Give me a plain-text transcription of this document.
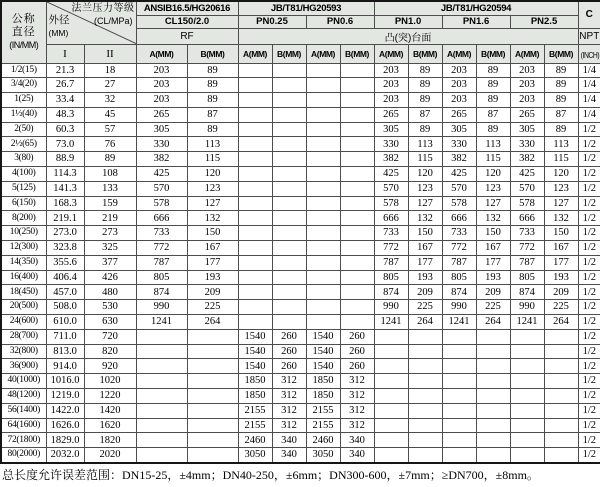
公称
直径
(IN/MM)	法兰压力等级
(CL/MPa)
外径
(MM)		ANSIB16.5/HG20616		JB/T81/HG20593				JB/T81/HG20594						C
			CL150/2.0		PN0.25		PN0.6		PN1.0		PN1.6		PN2.5		
			RF		凸(突)台面										NPT
	I	II	A(MM)	B(MM)	A(MM)	B(MM)	A(MM)	B(MM)	A(MM)	B(MM)	A(MM)	B(MM)	A(MM)	B(MM)	(INCH)
1/2(15)	21.3	18	203	89					203	89	203	89	203	89	1/4
3/4(20)	26.7	27	203	89					203	89	203	89	203	89	1/4
1(25)	33.4	32	203	89					203	89	203	89	203	89	1/4
1½(40)	48.3	45	265	87					265	87	265	87	265	87	1/4
2(50)	60.3	57	305	89					305	89	305	89	305	89	1/2
2½(65)	73.0	76	330	113					330	113	330	113	330	113	1/2
3(80)	88.9	89	382	115					382	115	382	115	382	115	1/2
4(100)	114.3	108	425	120					425	120	425	120	425	120	1/2
5(125)	141.3	133	570	123					570	123	570	123	570	123	1/2
6(150)	168.3	159	578	127					578	127	578	127	578	127	1/2
8(200)	219.1	219	666	132					666	132	666	132	666	132	1/2
10(250)	273.0	273	733	150					733	150	733	150	733	150	1/2
12(300)	323.8	325	772	167					772	167	772	167	772	167	1/2
14(350)	355.6	377	787	177					787	177	787	177	787	177	1/2
16(400)	406.4	426	805	193					805	193	805	193	805	193	1/2
18(450)	457.0	480	874	209					874	209	874	209	874	209	1/2
20(500)	508.0	530	990	225					990	225	990	225	990	225	1/2
24(600)	610.0	630	1241	264					1241	264	1241	264	1241	264	1/2
28(700)	711.0	720			1540	260	1540	260							1/2
32(800)	813.0	820			1540	260	1540	260							1/2
36(900)	914.0	920			1540	260	1540	260							1/2
40(1000)	1016.0	1020			1850	312	1850	312							1/2
48(1200)	1219.0	1220			1850	312	1850	312							1/2
56(1400)	1422.0	1420			2155	312	2155	312							1/2
64(1600)	1626.0	1620			2155	312	2155	312							1/2
72(1800)	1829.0	1820			2460	340	2460	340							1/2
80(2000)	2032.0	2020			3050	340	3050	340							1/2
总长度允许误差范围：DN15-25，±4mm；DN40-250，±6mm；DN300-600，±7mm；≥DN700，±8mm。
